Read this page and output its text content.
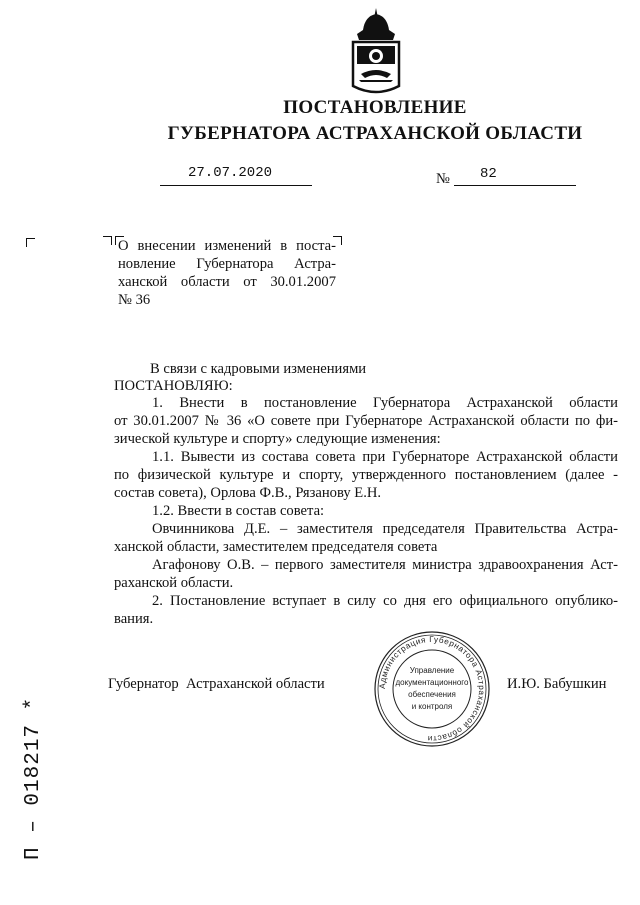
ПОСТАНОВЛЕНИЕ
ГУБЕРНАТОРА АСТРАХАНСКОЙ ОБЛАСТИ
27.07.2020	№ 82
О внесении изменений в поста-
новление Губернатора Астра-
ханской области от 30.01.2007
№ 36
В связи с кадровыми изменениями
ПОСТАНОВЛЯЮ:
1. Внести в постановление Губернатора Астраханской области
от 30.01.2007 № 36 «О совете при Губернаторе Астраханской области по фи-
зической культуре и спорту» следующие изменения:
1.1. Вывести из состава совета при Губернаторе Астраханской области
по физической культуре и спорту, утвержденного постановлением (далее -
состав совета), Орлова Ф.В., Рязанову Е.Н.
1.2. Ввести в состав совета:
Овчинникова Д.Е. – заместителя председателя Правительства Астра-
ханской области, заместителем председателя совета
Агафонову О.В. – первого заместителя министра здравоохранения Аст-
раханской области.
2. Постановление вступает в силу со дня его официального опублико-
вания.
Губернатор  Астраханской области	И.Ю. Бабушкин
Администрация Губернатора Астраханской области
Управление
документационного
обеспечения
и контроля
П – 018217 *
